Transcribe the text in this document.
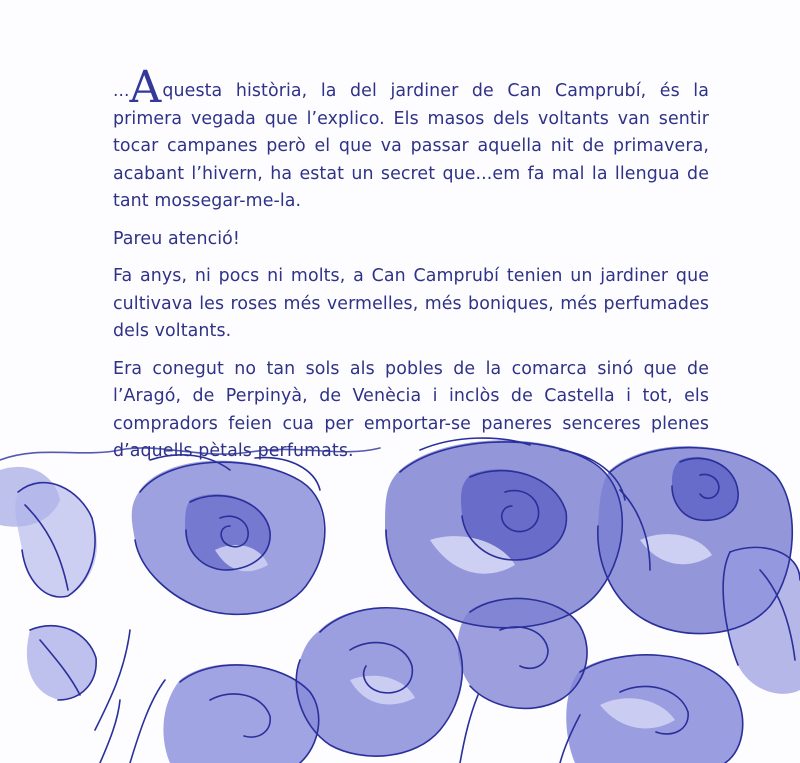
...Aquesta història, la del jardiner de Can Camprubí, és la primera vegada que l’explico. Els masos dels voltants van sentir tocar campanes però el que va passar aquella nit de primavera, acabant l’hivern, ha estat un secret que...em fa mal la llengua de tant mossegar-me-la.

Pareu atenció!

Fa anys, ni pocs ni molts, a Can Camprubí tenien un jardiner que cultivava les roses més vermelles, més boniques, més perfumades dels voltants.

Era conegut no tan sols als pobles de la comarca sinó que de l’Aragó, de Perpinyà, de Venècia i inclòs de Castella i tot, els compradors feien cua per emportar-se paneres senceres plenes d’aquells pètals perfumats.
